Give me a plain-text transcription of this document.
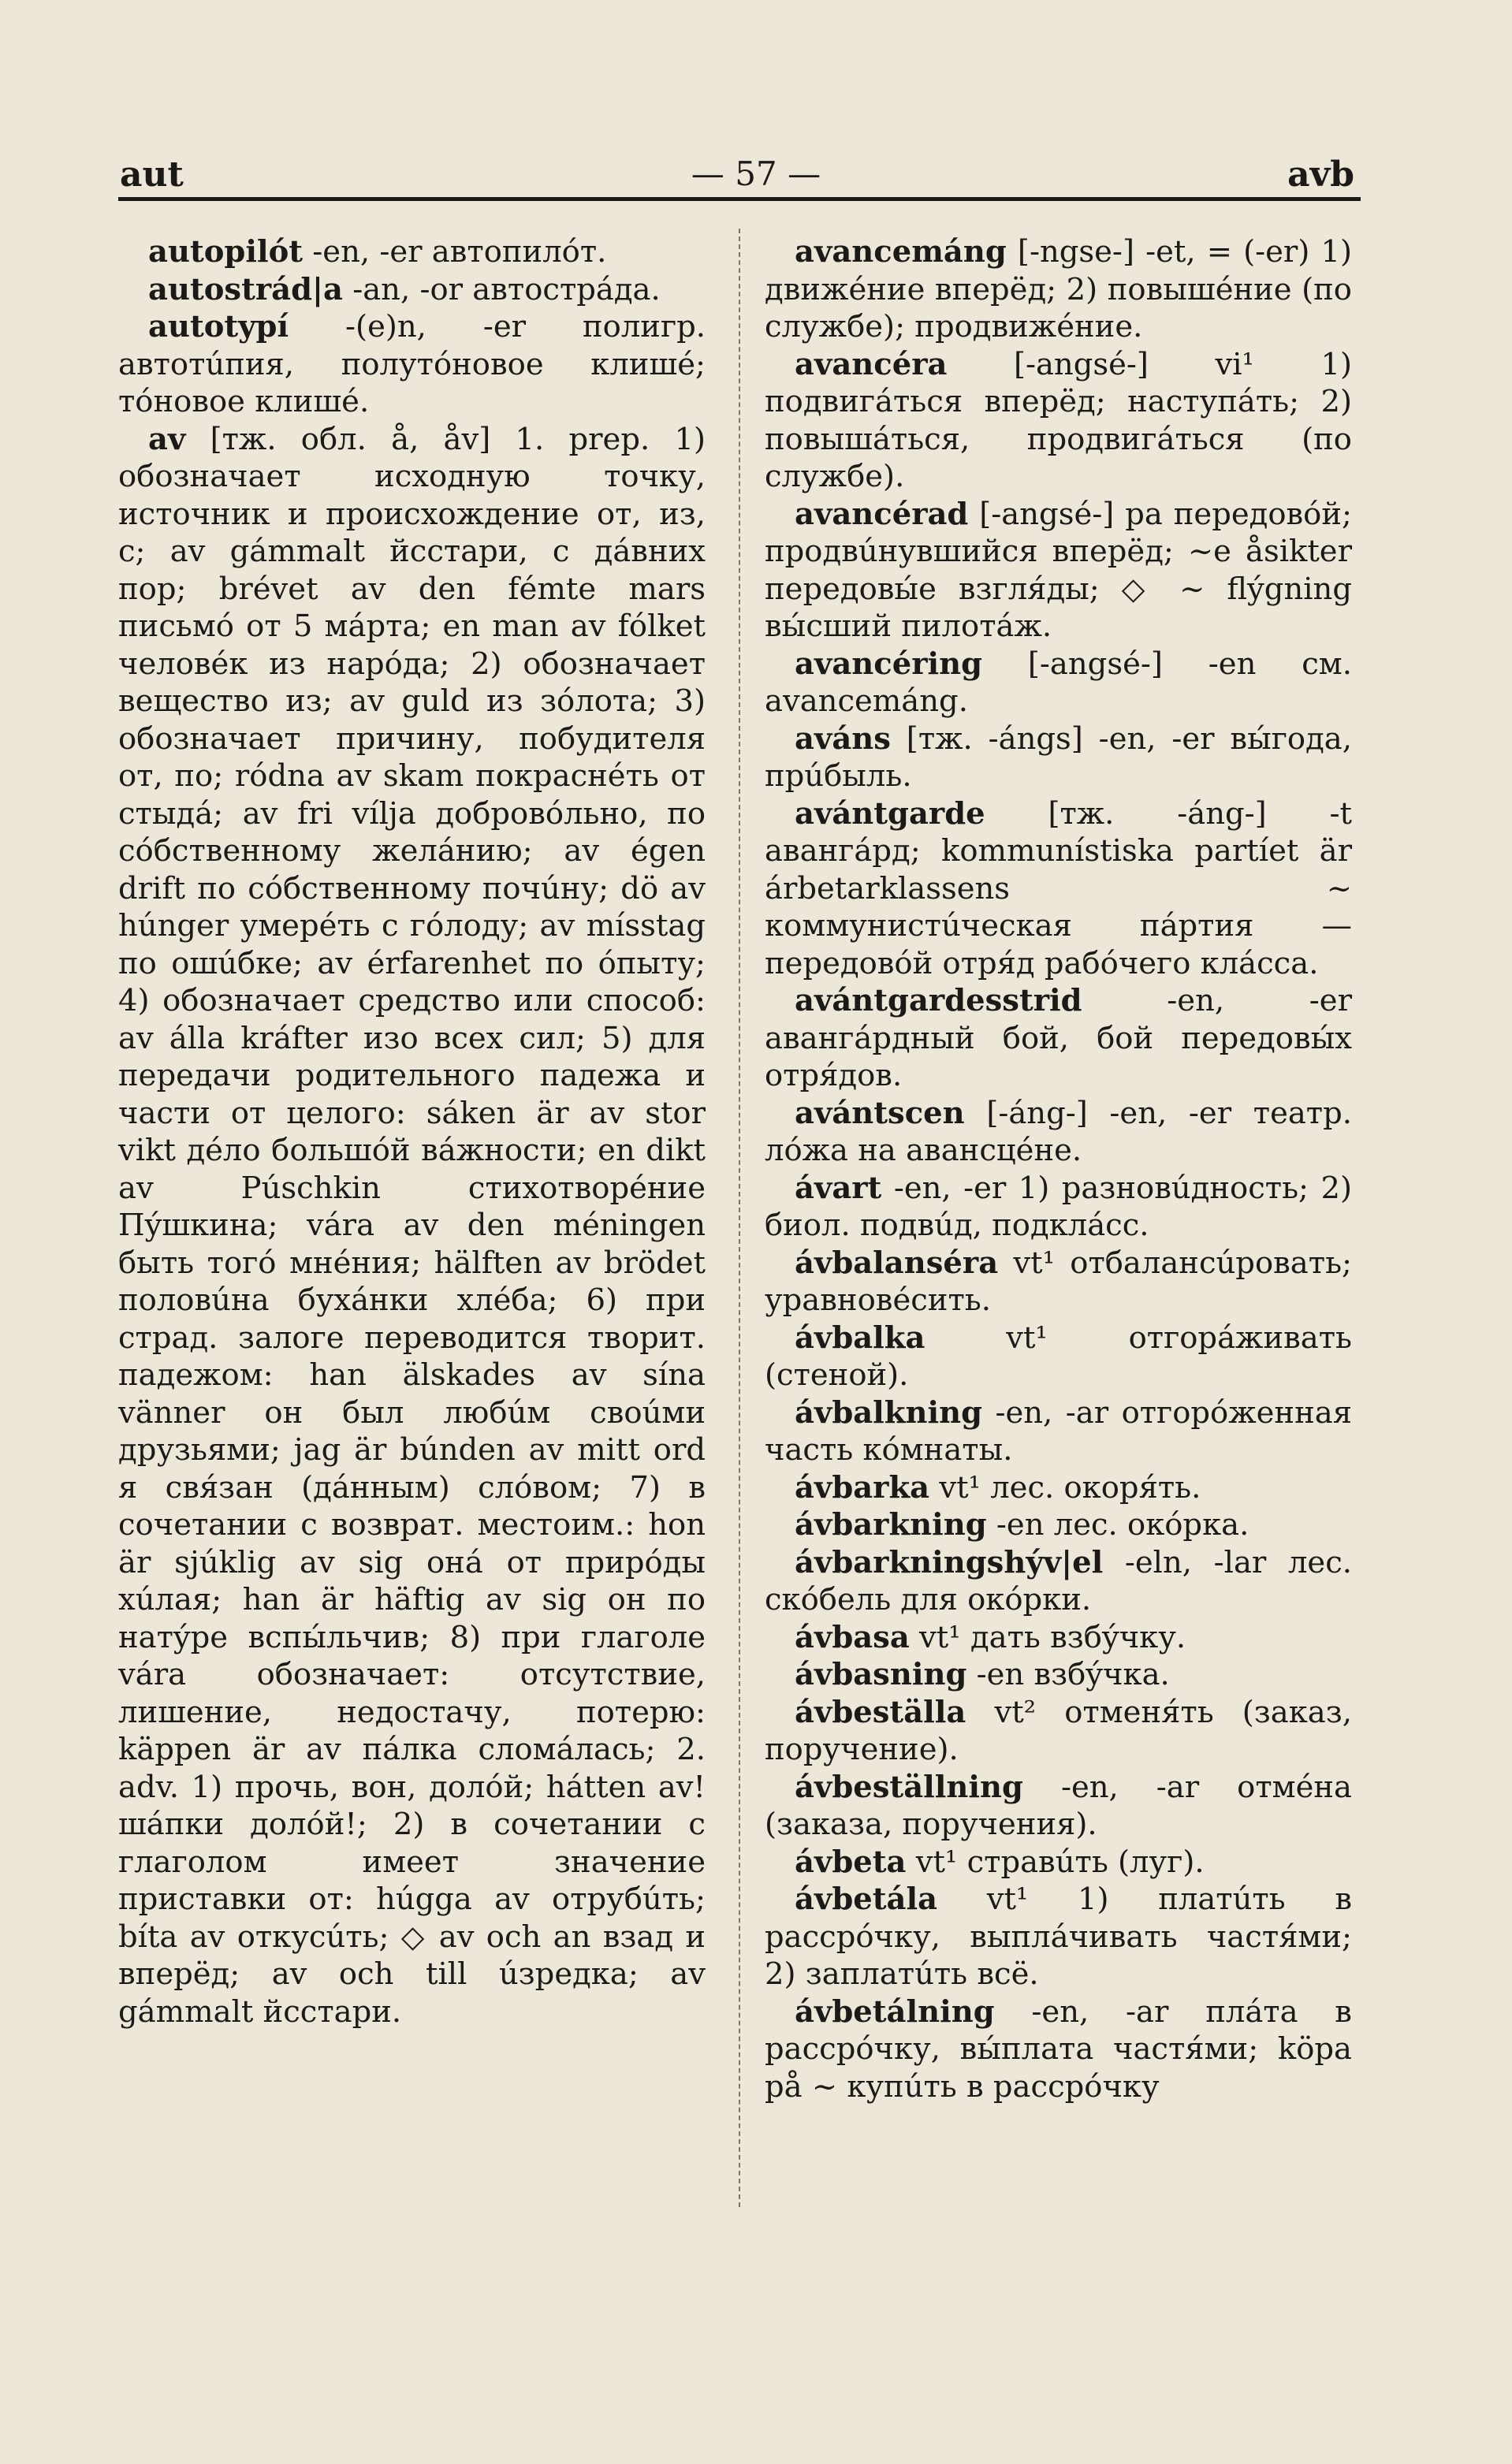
aut	— 57 —	avb

autopilót -en, -er автопилóт.

autostrád|a -an, -or автострáда.

autotypí -(e)n, -er полигр. автотúпия, полутóновое клишé; тóновое клишé.

av [тж. обл. å, åv] 1. prep. 1) обозначает исходную точку, источник и происхождение от, из, с; av gámmalt йсстари, с дáвних пор; brévet av den fémte mars письмó от 5 мáрта; en man av fólket человéк из нарóда; 2) обозначает вещество из; av guld из зóлота; 3) обозначает причину, побудителя от, по; ródna av skam покраснéть от стыдá; av fri vílja добровóльно, по сóбственному желáнию; av égen drift по сóбственному почúну; dö av húnger умерéть с гóлоду; av mísstag по ошúбке; av érfarenhet по óпыту; 4) обозначает средство или способ: av álla kráfter изо всех сил; 5) для передачи родительного падежа и части от целого: sáken är av stor vikt дéло большóй вáжности; en dikt av Púschkin стихотворéние Пýшкина; vára av den méningen быть тогó мнéния; hälften av brödet половúна бухáнки хлéба; 6) при страд. залоге переводится творит. падежом: han älskades av sína vänner он был любúм своúми друзьями; jag är búnden av mitt ord я свя́зан (дáнным) слóвом; 7) в сочетании с возврат. местоим.: hon är sjúklig av sig онá от прирóды хúлая; han är häftig av sig он по натýре вспы́льчив; 8) при глаголе vára обозначает: отсутствие, лишение, недостачу, потерю: käppen är av пáлка сломáлась; 2. adv. 1) прочь, вон, долóй; hátten av! шáпки долóй!; 2) в сочетании с глаголом имеет значение приставки от: húgga av отрубúть; bíta av откусúть; ◇ av och an взад и вперёд; av och till úзредка; av gámmalt йсстари.

avancemáng [-ngse-] -et, = (-er) 1) движéние вперёд; 2) повышéние (по службе); продвижéние.

avancéra [-angsé-] vi¹ 1) подвигáться вперёд; наступáть; 2) повышáться, продвигáться (по службе).

avancérad [-angsé-] pa передовóй; продвúнувшийся вперёд; ~e åsikter передовы́е взгля́ды; ◇ ~ flýgning вы́сший пилотáж.

avancéring [-angsé-] -en см. avancemáng.

aváns [тж. -ángs] -en, -er вы́года, прúбыль.

avántgarde [тж. -áng-] -t авангáрд; kommunístiska partíet är árbetarklassens ~ коммунистúческая пáртия — передовóй отря́д рабóчего клáсса.

avántgardesstrid -en, -er авангáрдный бой, бой передовы́х отря́дов.

avántscen [-áng-] -en, -er театр. лóжа на авансцéне.

ávart -en, -er 1) разновúдность; 2) биол. подвúд, подклáсс.

ávbalanséra vt¹ отбалансúровать; уравновéсить.

ávbalka vt¹ отгорáживать (стеной).

ávbalkning -en, -ar отгорóженная часть кóмнаты.

ávbarka vt¹ лес. окоря́ть.

ávbarkning -en лес. окóрка.

ávbarkningshýv|el -eln, -lar лес. скóбель для окóрки.

ávbasa vt¹ дать взбýчку.

ávbasning -en взбýчка.

ávbeställa vt² отменя́ть (заказ, поручение).

ávbeställning -en, -ar отмéна (заказа, поручения).

ávbeta vt¹ стравúть (луг).

ávbetála vt¹ 1) платúть в рассрóчку, выплáчивать частя́ми; 2) заплатúть всё.

ávbetálning -en, -ar плáта в рассрóчку, вы́плата частя́ми; köpa på ~ купúть в рассрóчку
